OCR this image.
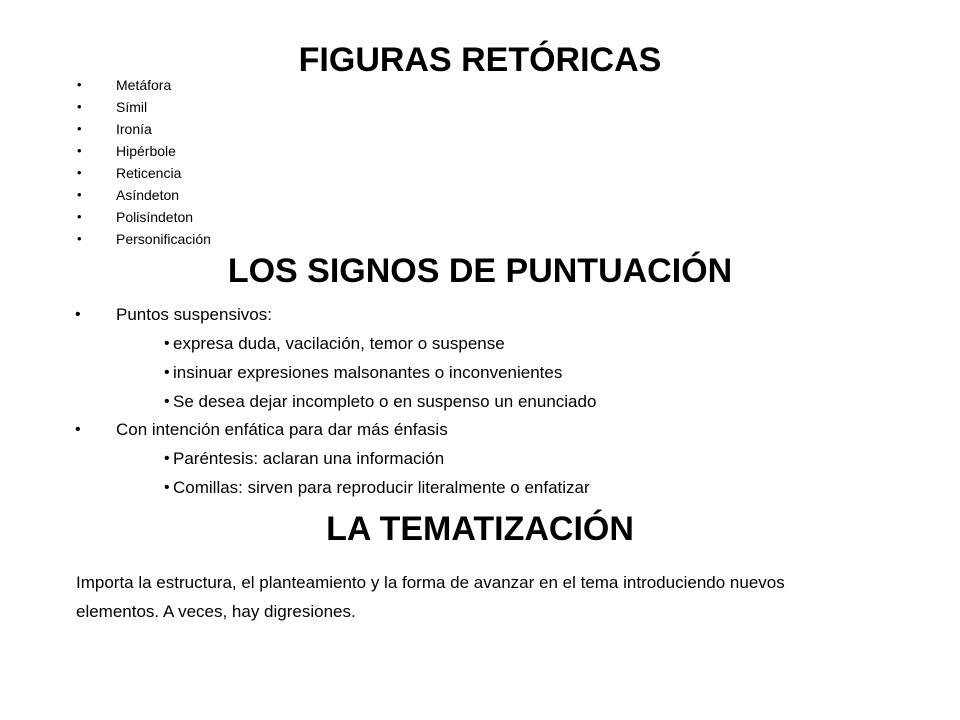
FIGURAS RETÓRICAS
• Metáfora
• Símil
• Ironía
• Hipérbole
• Reticencia
• Asíndeton
• Polisíndeton
• Personificación
LOS SIGNOS DE PUNTUACIÓN
• Puntos suspensivos:
• expresa duda, vacilación, temor o suspense
• insinuar expresiones malsonantes o inconvenientes
• Se desea dejar incompleto o en suspenso un enunciado
• Con intención enfática para dar más énfasis
• Paréntesis: aclaran una información
• Comillas: sirven para reproducir literalmente o enfatizar
LA TEMATIZACIÓN

Importa la estructura, el planteamiento y la forma de avanzar en el tema introduciendo nuevos elementos. A veces, hay digresiones.
